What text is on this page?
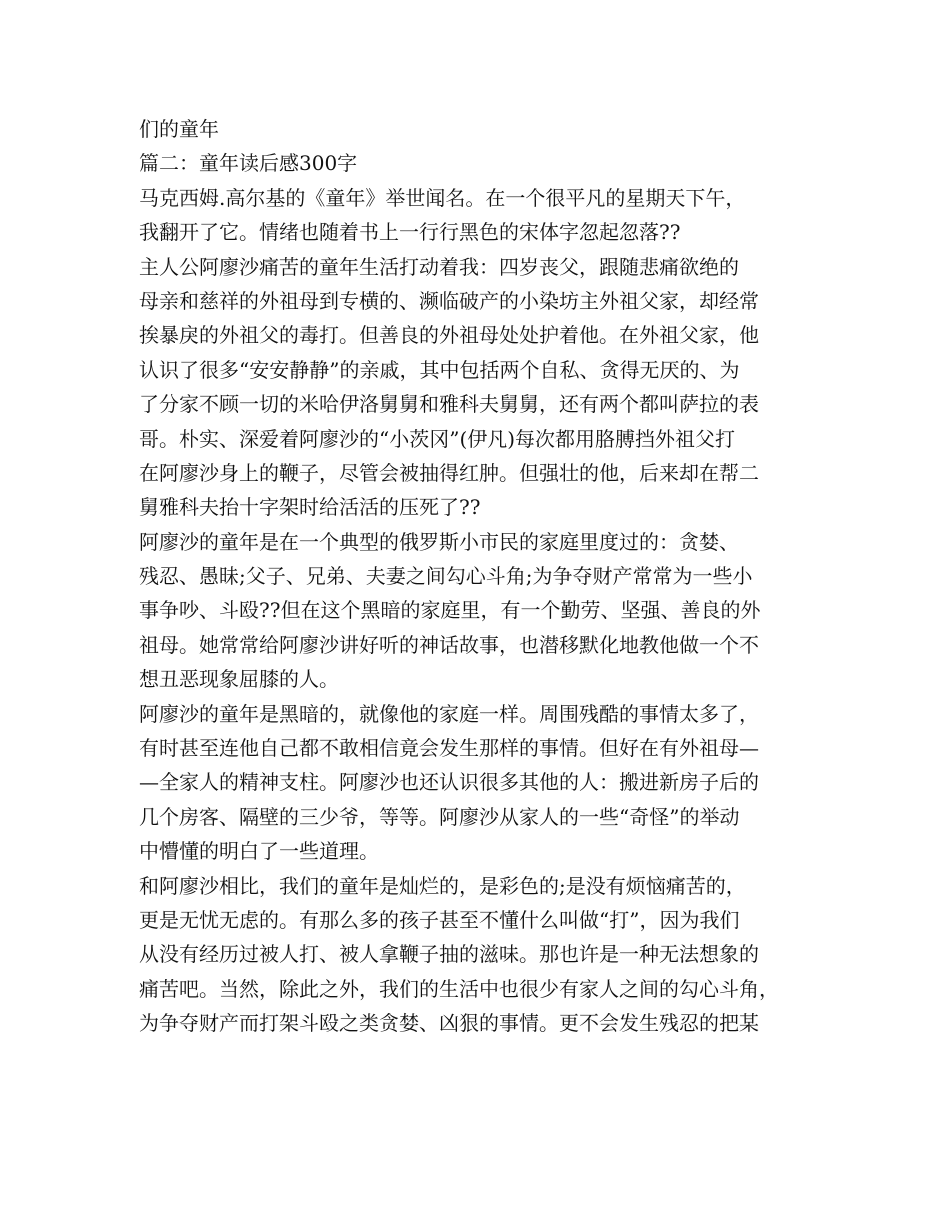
们的童年
篇二：童年读后感300字
马克西姆.高尔基的《童年》举世闻名。在一个很平凡的星期天下午，
我翻开了它。情绪也随着书上一行行黑色的宋体字忽起忽落??
主人公阿廖沙痛苦的童年生活打动着我：四岁丧父，跟随悲痛欲绝的
母亲和慈祥的外祖母到专横的、濒临破产的小染坊主外祖父家，却经常
挨暴戾的外祖父的毒打。但善良的外祖母处处护着他。在外祖父家，他
认识了很多“安安静静”的亲戚，其中包括两个自私、贪得无厌的、为
了分家不顾一切的米哈伊洛舅舅和雅科夫舅舅，还有两个都叫萨拉的表
哥。朴实、深爱着阿廖沙的“小茨冈”(伊凡)每次都用胳膊挡外祖父打
在阿廖沙身上的鞭子，尽管会被抽得红肿。但强壮的他，后来却在帮二
舅雅科夫抬十字架时给活活的压死了??
阿廖沙的童年是在一个典型的俄罗斯小市民的家庭里度过的：贪婪、
残忍、愚昧;父子、兄弟、夫妻之间勾心斗角;为争夺财产常常为一些小
事争吵、斗殴??但在这个黑暗的家庭里，有一个勤劳、坚强、善良的外
祖母。她常常给阿廖沙讲好听的神话故事，也潜移默化地教他做一个不
想丑恶现象屈膝的人。
阿廖沙的童年是黑暗的，就像他的家庭一样。周围残酷的事情太多了，
有时甚至连他自己都不敢相信竟会发生那样的事情。但好在有外祖母—
—全家人的精神支柱。阿廖沙也还认识很多其他的人：搬进新房子后的
几个房客、隔壁的三少爷，等等。阿廖沙从家人的一些“奇怪”的举动
中懵懂的明白了一些道理。
和阿廖沙相比，我们的童年是灿烂的，是彩色的;是没有烦恼痛苦的，
更是无忧无虑的。有那么多的孩子甚至不懂什么叫做“打”，因为我们
从没有经历过被人打、被人拿鞭子抽的滋味。那也许是一种无法想象的
痛苦吧。当然，除此之外，我们的生活中也很少有家人之间的勾心斗角，
为争夺财产而打架斗殴之类贪婪、凶狠的事情。更不会发生残忍的把某
